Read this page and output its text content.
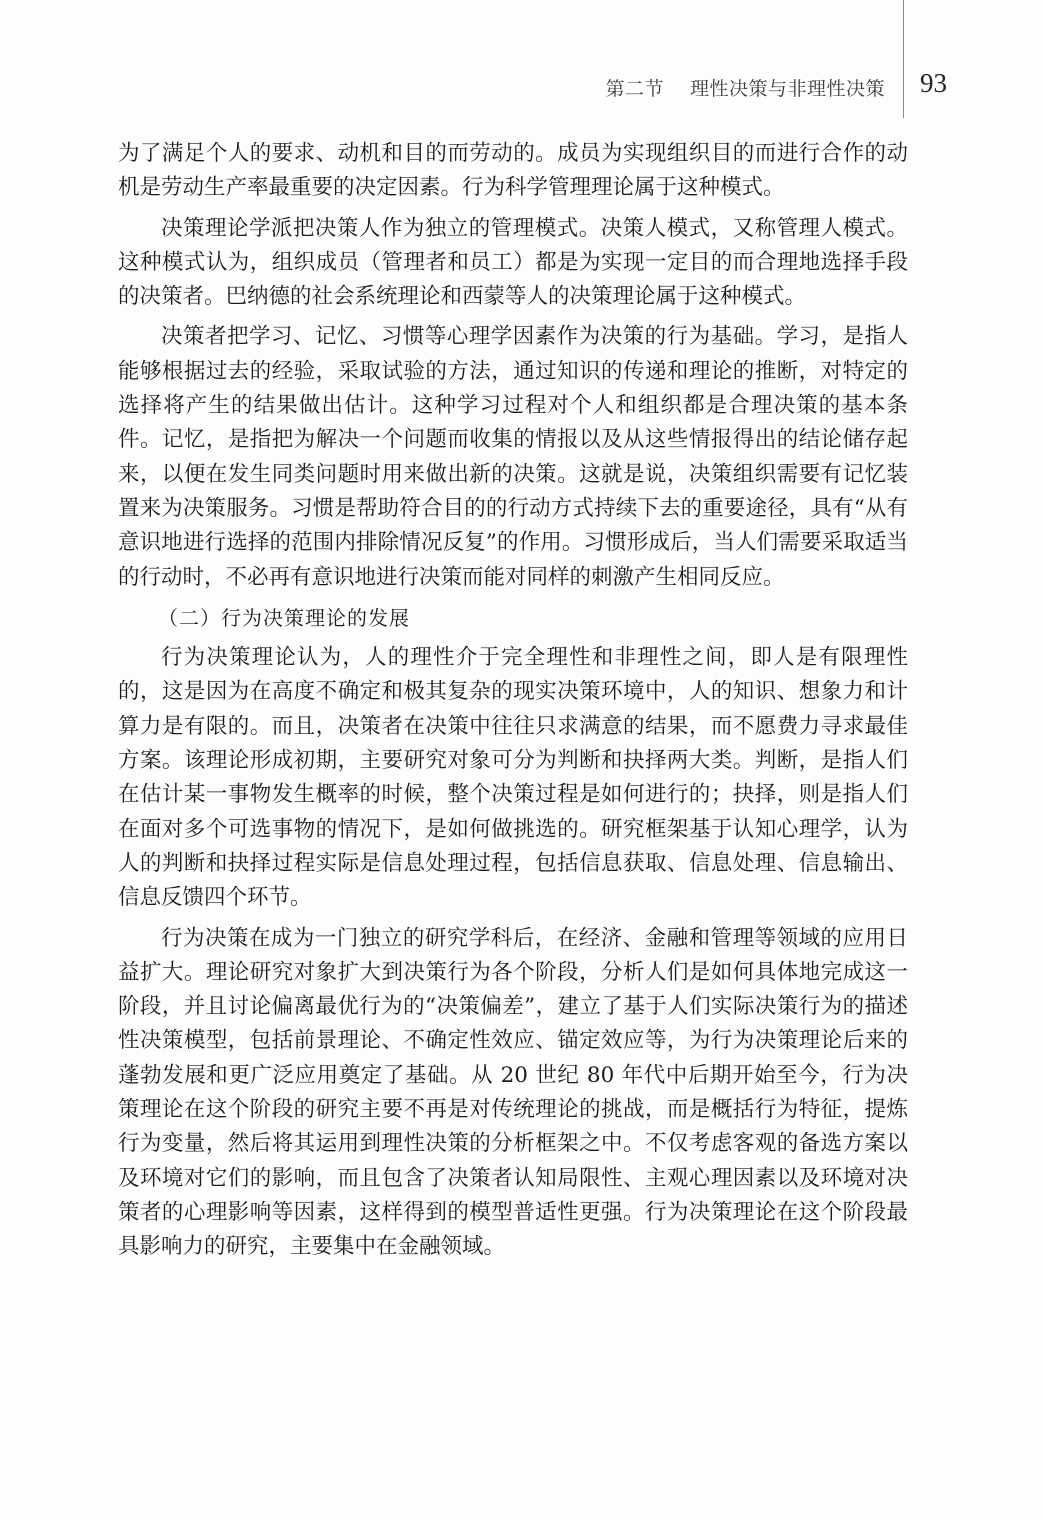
第二节 理性决策与非理性决策 93

为了满足个人的要求、动机和目的而劳动的。成员为实现组织目的而进行合作的动机是劳动生产率最重要的决定因素。行为科学管理理论属于这种模式。

决策理论学派把决策人作为独立的管理模式。决策人模式，又称管理人模式。这种模式认为，组织成员（管理者和员工）都是为实现一定目的而合理地选择手段的决策者。巴纳德的社会系统理论和西蒙等人的决策理论属于这种模式。

决策者把学习、记忆、习惯等心理学因素作为决策的行为基础。学习，是指人能够根据过去的经验，采取试验的方法，通过知识的传递和理论的推断，对特定的选择将产生的结果做出估计。这种学习过程对个人和组织都是合理决策的基本条件。记忆，是指把为解决一个问题而收集的情报以及从这些情报得出的结论储存起来，以便在发生同类问题时用来做出新的决策。这就是说，决策组织需要有记忆装置来为决策服务。习惯是帮助符合目的的行动方式持续下去的重要途径，具有“从有意识地进行选择的范围内排除情况反复”的作用。习惯形成后，当人们需要采取适当的行动时，不必再有意识地进行决策而能对同样的刺激产生相同反应。

（二）行为决策理论的发展

行为决策理论认为，人的理性介于完全理性和非理性之间，即人是有限理性的，这是因为在高度不确定和极其复杂的现实决策环境中，人的知识、想象力和计算力是有限的。而且，决策者在决策中往往只求满意的结果，而不愿费力寻求最佳方案。该理论形成初期，主要研究对象可分为判断和抉择两大类。判断，是指人们在估计某一事物发生概率的时候，整个决策过程是如何进行的；抉择，则是指人们在面对多个可选事物的情况下，是如何做挑选的。研究框架基于认知心理学，认为人的判断和抉择过程实际是信息处理过程，包括信息获取、信息处理、信息输出、信息反馈四个环节。

行为决策在成为一门独立的研究学科后，在经济、金融和管理等领域的应用日益扩大。理论研究对象扩大到决策行为各个阶段，分析人们是如何具体地完成这一阶段，并且讨论偏离最优行为的“决策偏差”，建立了基于人们实际决策行为的描述性决策模型，包括前景理论、不确定性效应、锚定效应等，为行为决策理论后来的蓬勃发展和更广泛应用奠定了基础。从 20 世纪 80 年代中后期开始至今，行为决策理论在这个阶段的研究主要不再是对传统理论的挑战，而是概括行为特征，提炼行为变量，然后将其运用到理性决策的分析框架之中。不仅考虑客观的备选方案以及环境对它们的影响，而且包含了决策者认知局限性、主观心理因素以及环境对决策者的心理影响等因素，这样得到的模型普适性更强。行为决策理论在这个阶段最具影响力的研究，主要集中在金融领域。
